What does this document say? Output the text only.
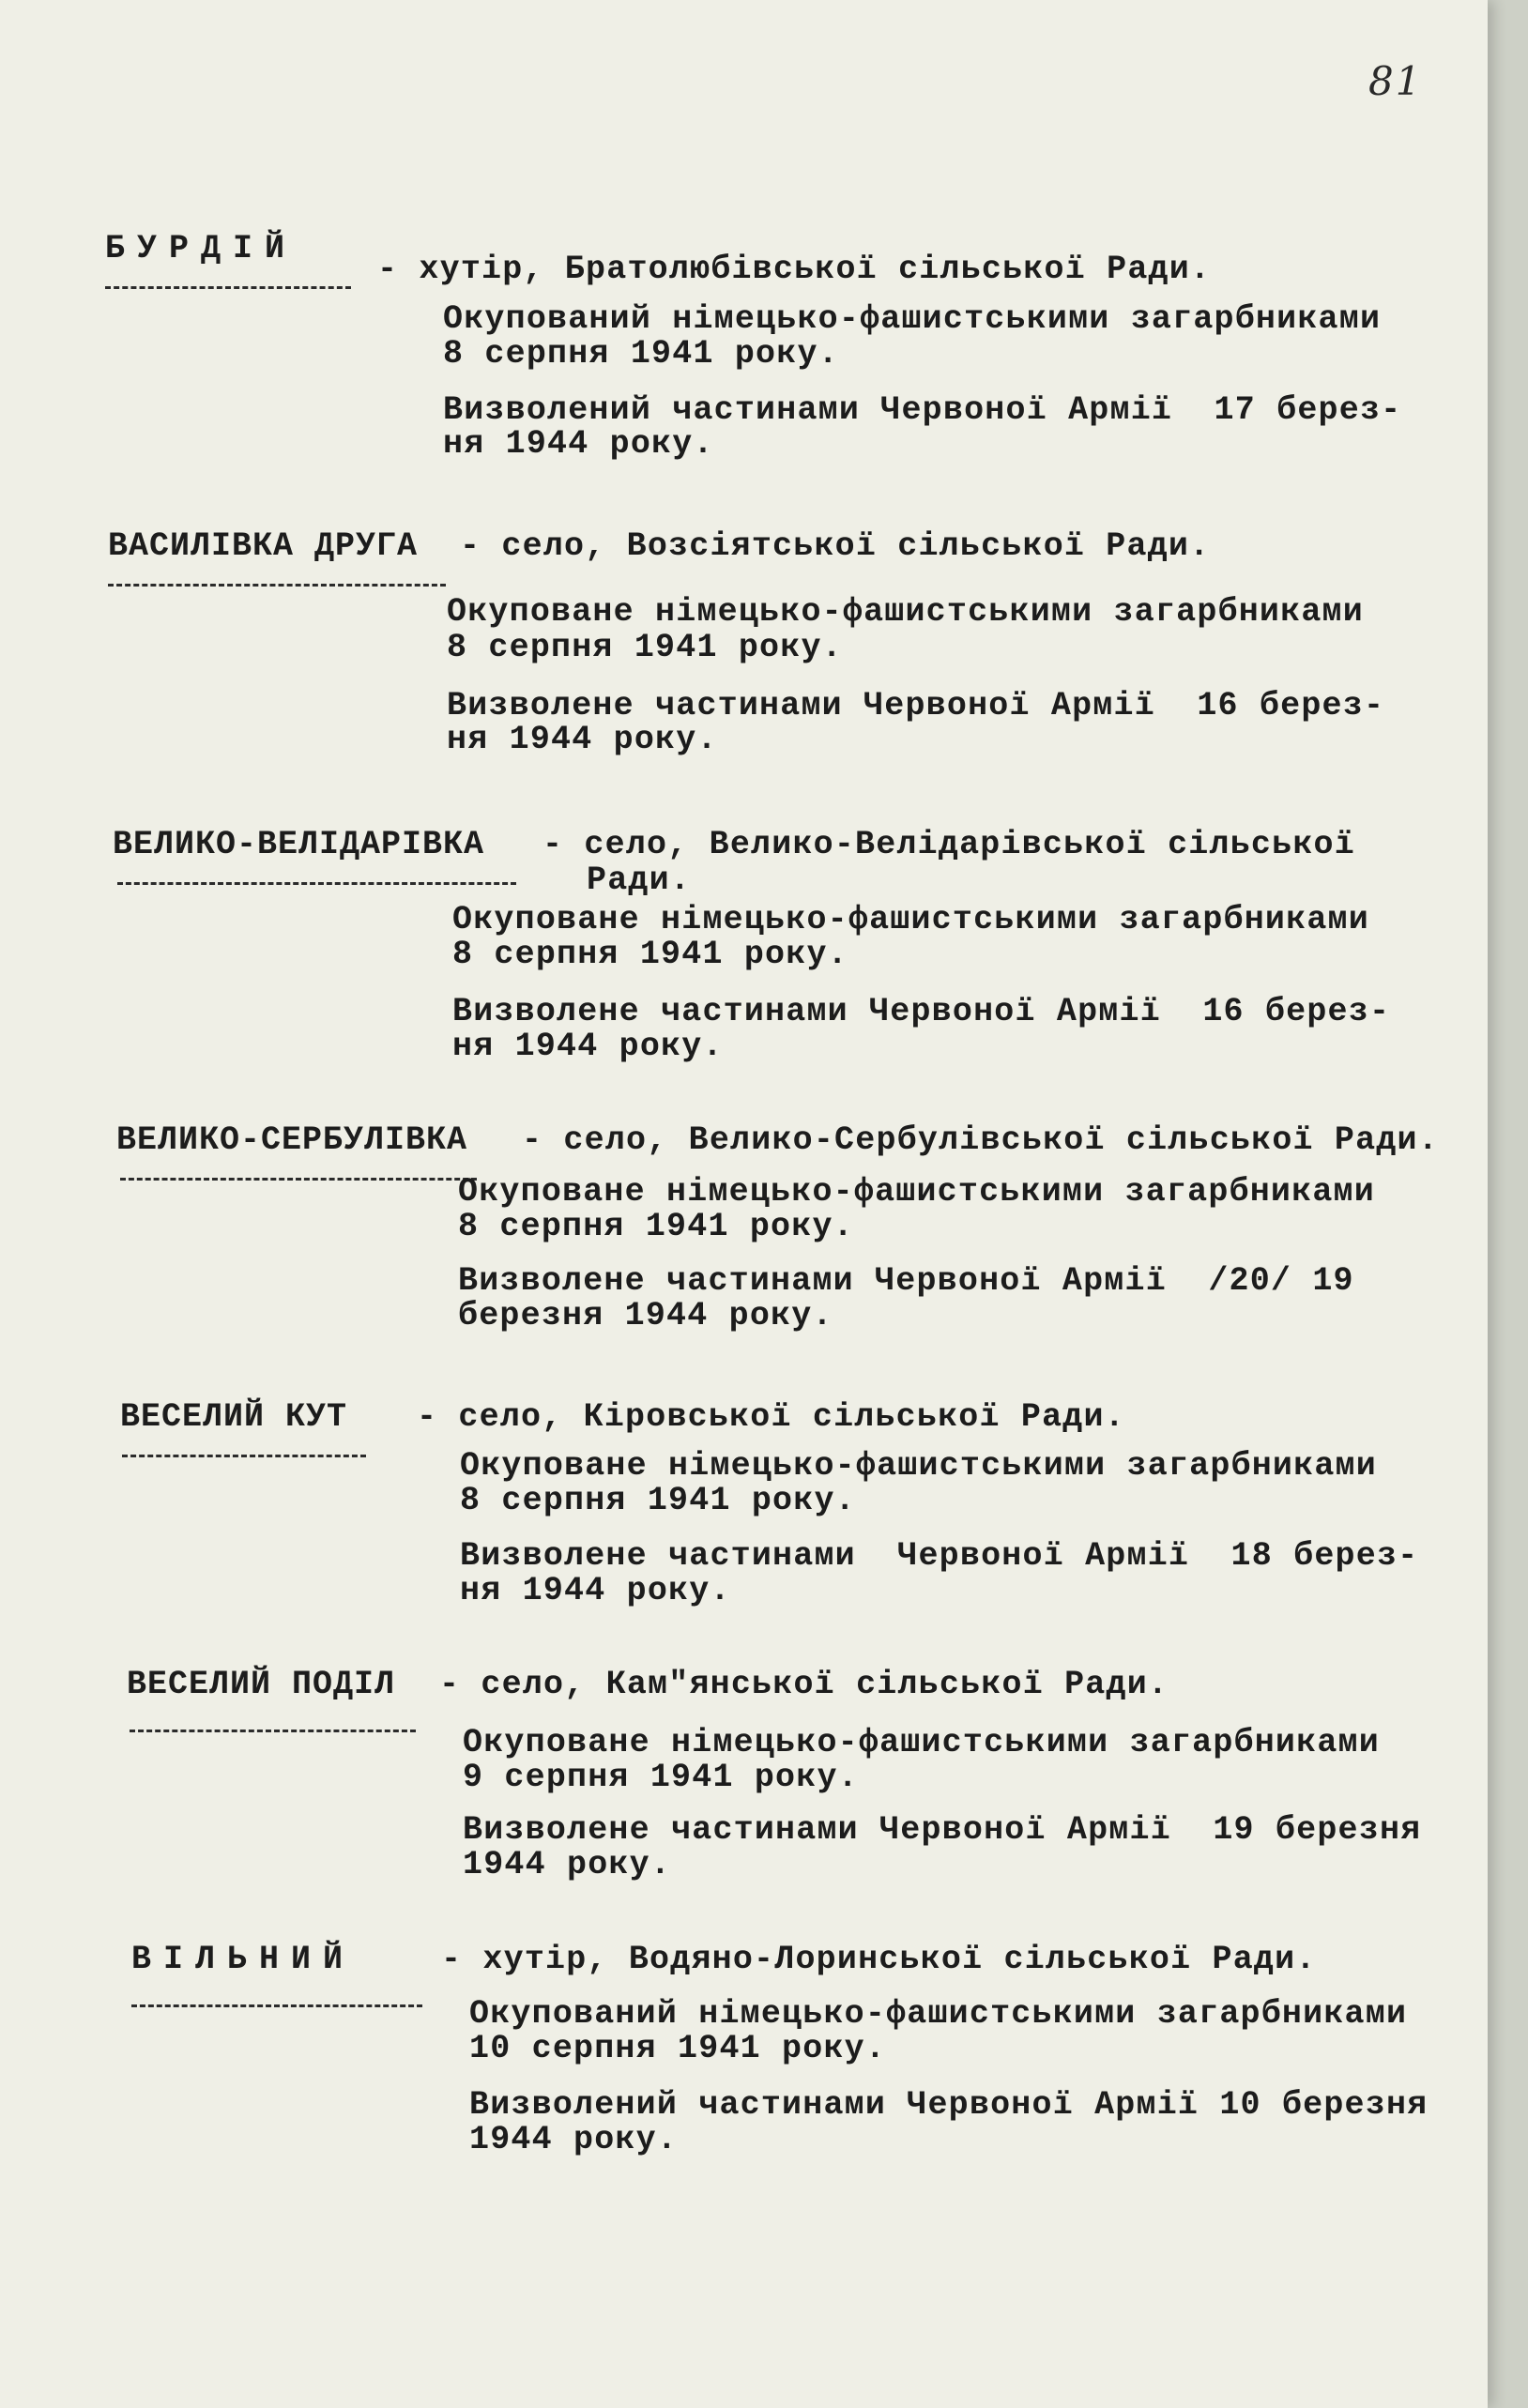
81
БУРДІЙ
- хутір, Братолюбівської сільської Ради.
Окупований німецько-фашистськими загарбниками
8 серпня 1941 року.
Визволений частинами Червоної Армії  17 берез-
ня 1944 року.
ВАСИЛІВКА ДРУГА - село, Возсіятської сільської Ради.
Окуповане німецько-фашистськими загарбниками
8 серпня 1941 року.
Визволене частинами Червоної Армії  16 берез-
ня 1944 року.
ВЕЛИКО-ВЕЛІДАРІВКА - село, Велико-Велідарівської сільської
Ради.
Окуповане німецько-фашистськими загарбниками
8 серпня 1941 року.
Визволене частинами Червоної Армії  16 берез-
ня 1944 року.
ВЕЛИКО-СЕРБУЛІВКА - село, Велико-Сербулівської сільської Ради.
Окуповане німецько-фашистськими загарбниками
8 серпня 1941 року.
Визволене частинами Червоної Армії  /20/ 19
березня 1944 року.
ВЕСЕЛИЙ КУТ - село, Кіровської сільської Ради.
Окуповане німецько-фашистськими загарбниками
8 серпня 1941 року.
Визволене частинами  Червоної Армії  18 берез-
ня 1944 року.
ВЕСЕЛИЙ ПОДІЛ - село, Кам"янської сільської Ради.
Окуповане німецько-фашистськими загарбниками
9 серпня 1941 року.
Визволене частинами Червоної Армії  19 березня
1944 року.
ВІЛЬНИЙ	- хутір, Водяно-Лоринської сільської Ради.
Окупований німецько-фашистськими загарбниками
10 серпня 1941 року.
Визволений частинами Червоної Армії 10 березня
1944 року.
